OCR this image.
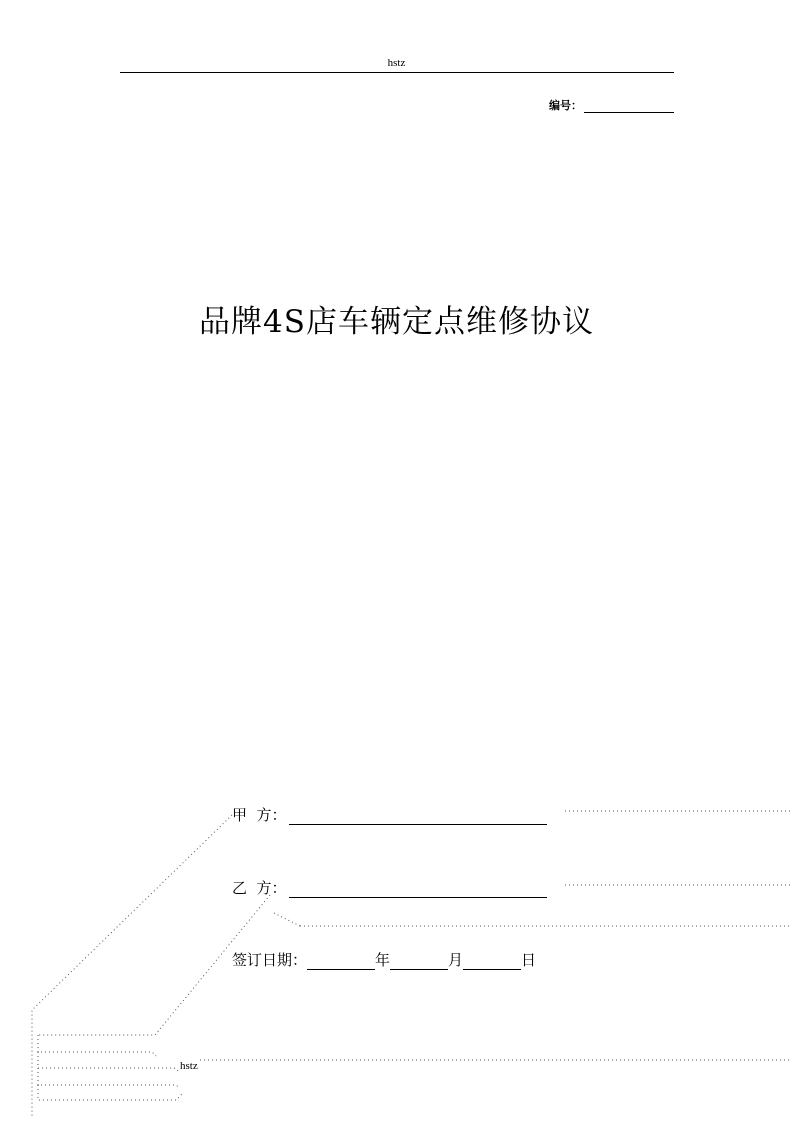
hstz
编号：
品牌4S店车辆定点维修协议
甲  方：
乙  方：
签订日期：	年	月	日
hstz
